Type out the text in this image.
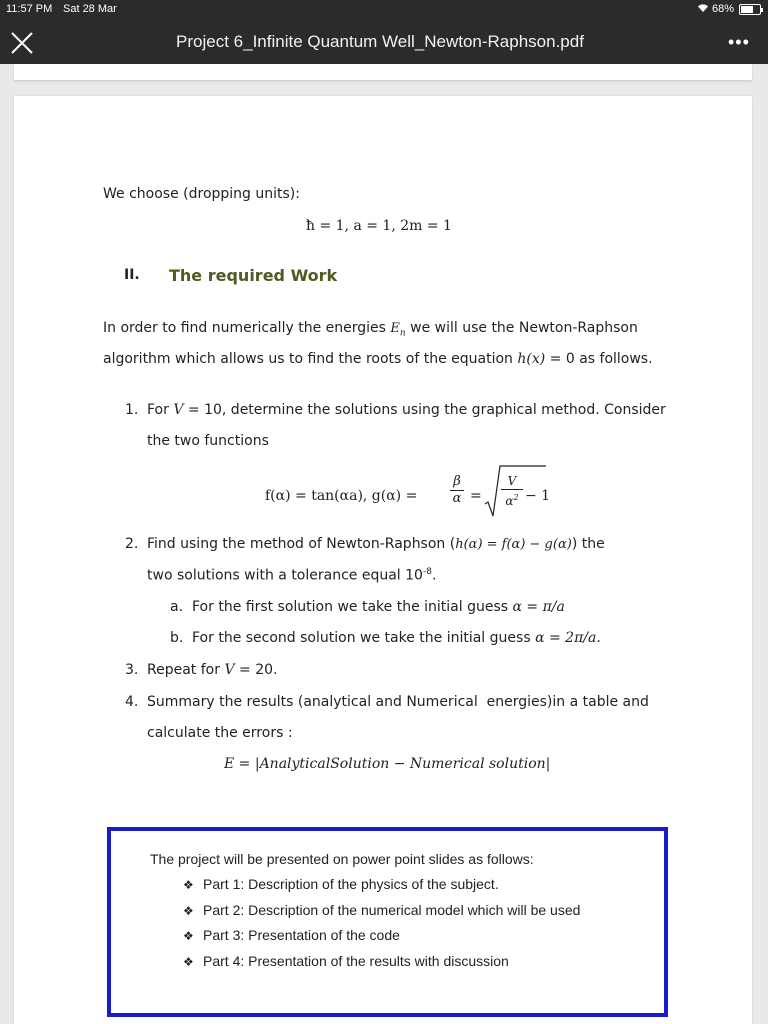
11:57 PM Sat 28 Mar	68%
Project 6_Infinite Quantum Well_Newton-Raphson.pdf	•••
We choose (dropping units):
ħ = 1, a = 1, 2m = 1
II. The required Work
In order to find numerically the energies $E_n$ we will use the Newton-Raphson
algorithm which allows us to find the roots of the equation h(x) = 0 as follows.
1. For V = 10, determine the solutions using the graphical method. Consider
the two functions
f(α) = tan(αa), g(α) =	$\frac{\beta}{\alpha} = \frac{V}{\alpha^2} - 1$
2. Find using the method of Newton-Raphson (h(α) = f(α) − g(α)) the
two solutions with a tolerance equal $10^{-8}$.
a. For the first solution we take the initial guess α = π/a
b. For the second solution we take the initial guess α = 2π/a.
3. Repeat for V = 20.
4. Summary the results (analytical and Numerical  energies)in a table and
calculate the errors :
E = |AnalyticalSolution − Numerical solution|
The project will be presented on power point slides as follows:
❖ Part 1: Description of the physics of the subject.
❖ Part 2: Description of the numerical model which will be used
❖ Part 3: Presentation of the code
❖ Part 4: Presentation of the results with discussion
